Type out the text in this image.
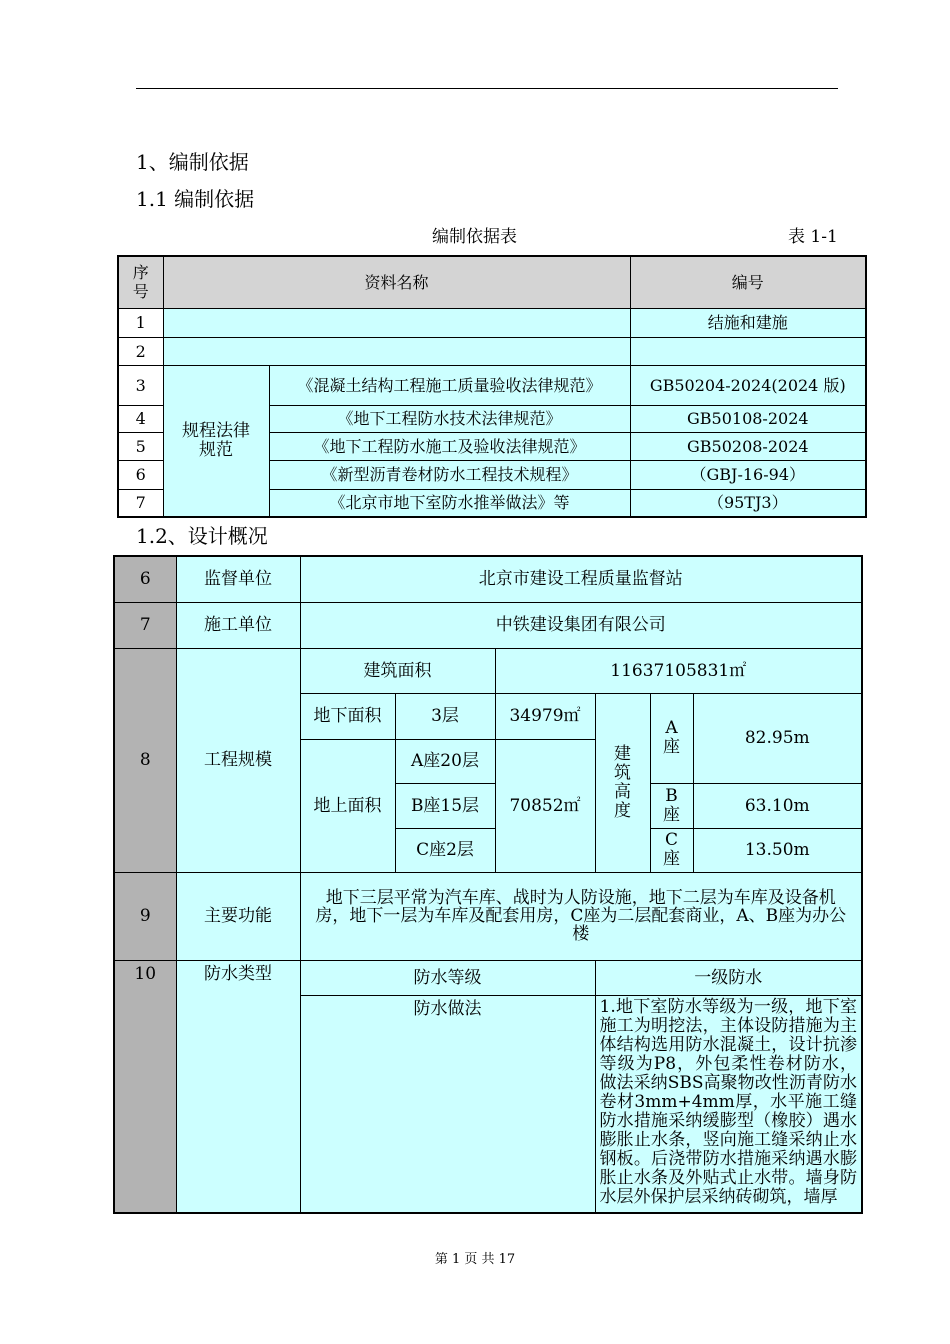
1、编制依据
1.1 编制依据
编制依据表	表 1-1
序号	资料名称		编号
1			结施和建施
2			
3	规程法律规范	《混凝土结构工程施工质量验收法律规范》	GB50204-2024(2024 版)
4		《地下工程防水技术法律规范》	GB50108-2024
5		《地下工程防水施工及验收法律规范》	GB50208-2024
6		《新型沥青卷材防水工程技术规程》	（GBJ-16-94）
7		《北京市地下室防水推举做法》等	（95TJ3）
1.2、设计概况
6	监督单位	北京市建设工程质量监督站					
7	施工单位	中铁建设集团有限公司					
8	工程规模	建筑面积		11637105831㎡			
		地下面积	3层	34979㎡	建筑高度	A座	82.95m
		地上面积	A座20层	70852㎡			
			B座15层			B座	63.10m
			C座2层			C座	13.50m
9	主要功能	地下三层平常为汽车库、战时为人防设施，地下二层为车库及设备机房，地下一层为车库及配套用房，C座为二层配套商业，A、B座为办公楼					
10	防水类型	防水等级			一级防水		
		防水做法			1.地下室防水等级为一级，地下室施工为明挖法，主体设防措施为主体结构选用防水混凝土，设计抗渗等级为P8，外包柔性卷材防水，做法采纳SBS高聚物改性沥青防水卷材3mm+4mm厚，水平施工缝防水措施采纳缓膨型（橡胶）遇水膨胀止水条，竖向施工缝采纳止水钢板。后浇带防水措施采纳遇水膨胀止水条及外贴式止水带。墙身防水层外保护层采纳砖砌筑，墙厚		
第 1 页 共 17
